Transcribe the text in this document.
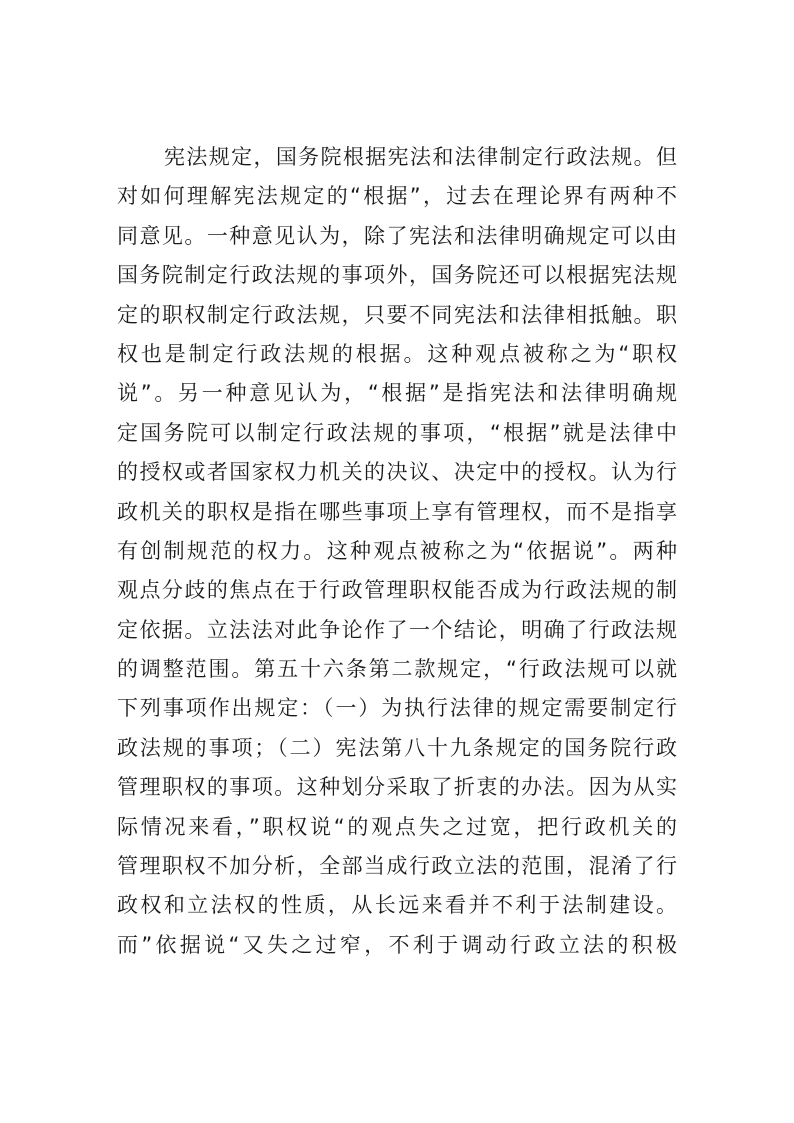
宪法规定，国务院根据宪法和法律制定行政法规。但
对如何理解宪法规定的“根据”，过去在理论界有两种不
同意见。一种意见认为，除了宪法和法律明确规定可以由
国务院制定行政法规的事项外，国务院还可以根据宪法规
定的职权制定行政法规，只要不同宪法和法律相抵触。职
权也是制定行政法规的根据。这种观点被称之为“职权
说”。另一种意见认为，“根据”是指宪法和法律明确规
定国务院可以制定行政法规的事项，“根据”就是法律中
的授权或者国家权力机关的决议、决定中的授权。认为行
政机关的职权是指在哪些事项上享有管理权，而不是指享
有创制规范的权力。这种观点被称之为“依据说”。两种
观点分歧的焦点在于行政管理职权能否成为行政法规的制
定依据。立法法对此争论作了一个结论，明确了行政法规
的调整范围。第五十六条第二款规定，“行政法规可以就
下列事项作出规定：（一）为执行法律的规定需要制定行
政法规的事项；（二）宪法第八十九条规定的国务院行政
管理职权的事项。这种划分采取了折衷的办法。因为从实
际情况来看，”职权说“的观点失之过宽，把行政机关的
管理职权不加分析，全部当成行政立法的范围，混淆了行
政权和立法权的性质，从长远来看并不利于法制建设。
而”依据说“又失之过窄，不利于调动行政立法的积极
